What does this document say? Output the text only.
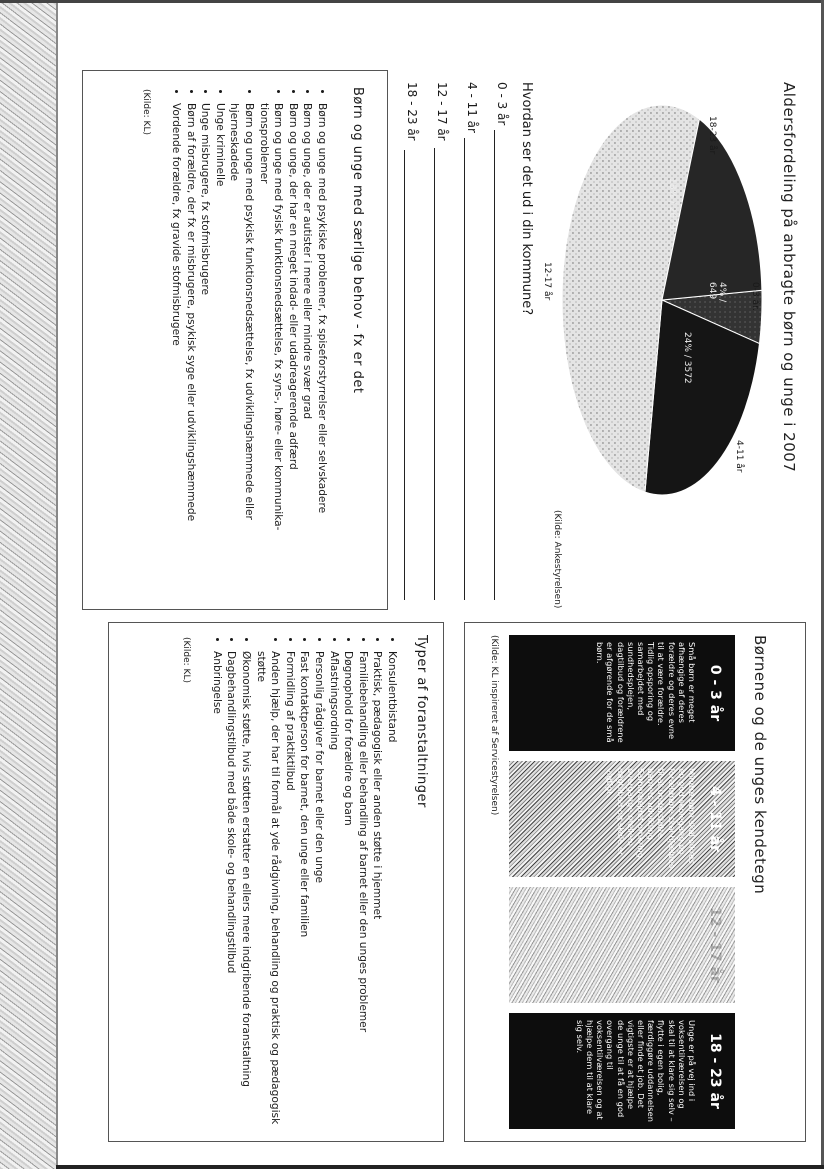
Aldersfordeling på anbragte børn og unge i 2007
0-3 år.
4-11 år
12-17 år
18-23 år
4% / 649
24% / 3572
18% / 2679
(Kilde: Ankestyrelsen)
Hvordan ser det ud i din kommune?
0 - 3 år
4 - 11 år
12 - 17 år
18 - 23 år
Børnene og de unges kendetegn
0 - 3 år
Små børn er meget afhængige af deres forældre og deres evne til at være forældre. Tidlig opsporing og samarbejdet med sundhedsplejen, dagtilbud og forældrene er afgørende for de små børn.
4 - 11 år
Mindre børn skal sikres en god skolegang og forældrene skal hjælpes til at understøtte barnets udvikling. Samarbejdet omkring overgange mellem dagtilbud og skole er vigtigt.
12 - 17 år
18 - 23 år
Unge er på vej ind i voksentilværelsen og skal til at klare sig selv – flytte i egen bolig, færdiggøre uddannelsen eller finde et job. Det vigtigste er at hjælpe de unge til at få en god overgang til voksentilværelsen og at hjælpe dem til at klare sig selv.
(Kilde: KL inspireret af Servicestyrelsen)
Børn og unge med særlige behov - fx er det
• Børn og unge med psykiske problemer, fx spiseforstyrrelser eller selvskadere
• Børn og unge, der er autister i mere eller mindre svær grad
• Børn og unge, der har en meget indad- eller udadreagerende adfærd
• Børn og unge med fysisk funktionsnedsættelse, fx syns-, høre- eller kommunika-
tionsproblemer
• Børn og unge med psykisk funktionsnedsættelse, fx udviklingshæmmede eller
hjerneskadede
• Unge kriminelle
• Unge misbrugere, fx stofmisbrugere
• Børn af forældre, der fx er misbrugere, psykisk syge eller udviklingshæmmede
• Vordende forældre, fx gravide stofmisbrugere
(Kilde: KL)
Typer af foranstaltninger
• Konsulentbistand
• Praktisk, pædagogisk eller anden støtte i hjemmet
• Familiebehandling eller behandling af barnet eller den unges problemer
• Døgnophold for forældre og barn
• Aflastningsordning
• Personlig rådgiver for barnet eller den unge
• Fast kontaktperson for barnet, den unge eller familien
• Formidling af praktiktilbud
• Anden hjælp, der har til formål at yde rådgivning, behandling og praktisk og pædagogisk
støtte
• Økonomisk støtte, hvis støtten erstatter en ellers mere indgribende foranstaltning
• Dagbehandlingstilbud med både skole- og behandlingstilbud
• Anbringelse
(Kilde: KL)
